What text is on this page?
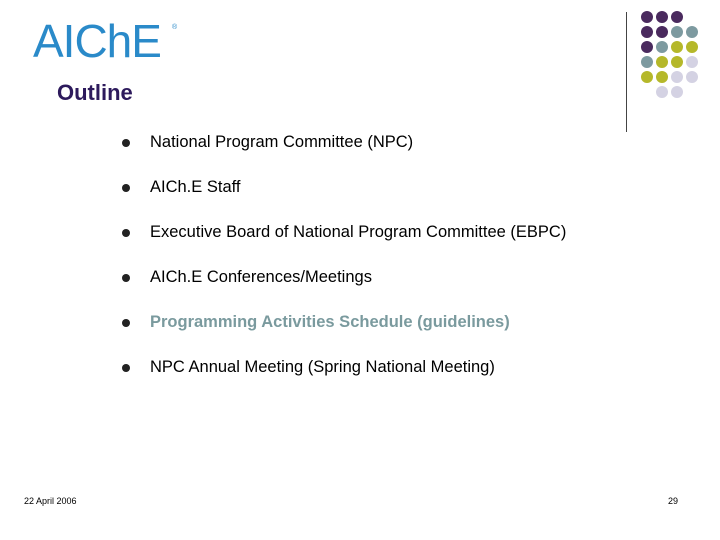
AIChE ®
Outline
National Program Committee (NPC)
AICh.E Staff
Executive Board of National Program Committee (EBPC)
AICh.E Conferences/Meetings
Programming Activities Schedule (guidelines)
NPC Annual Meeting (Spring National Meeting)
22 April 2006	29
